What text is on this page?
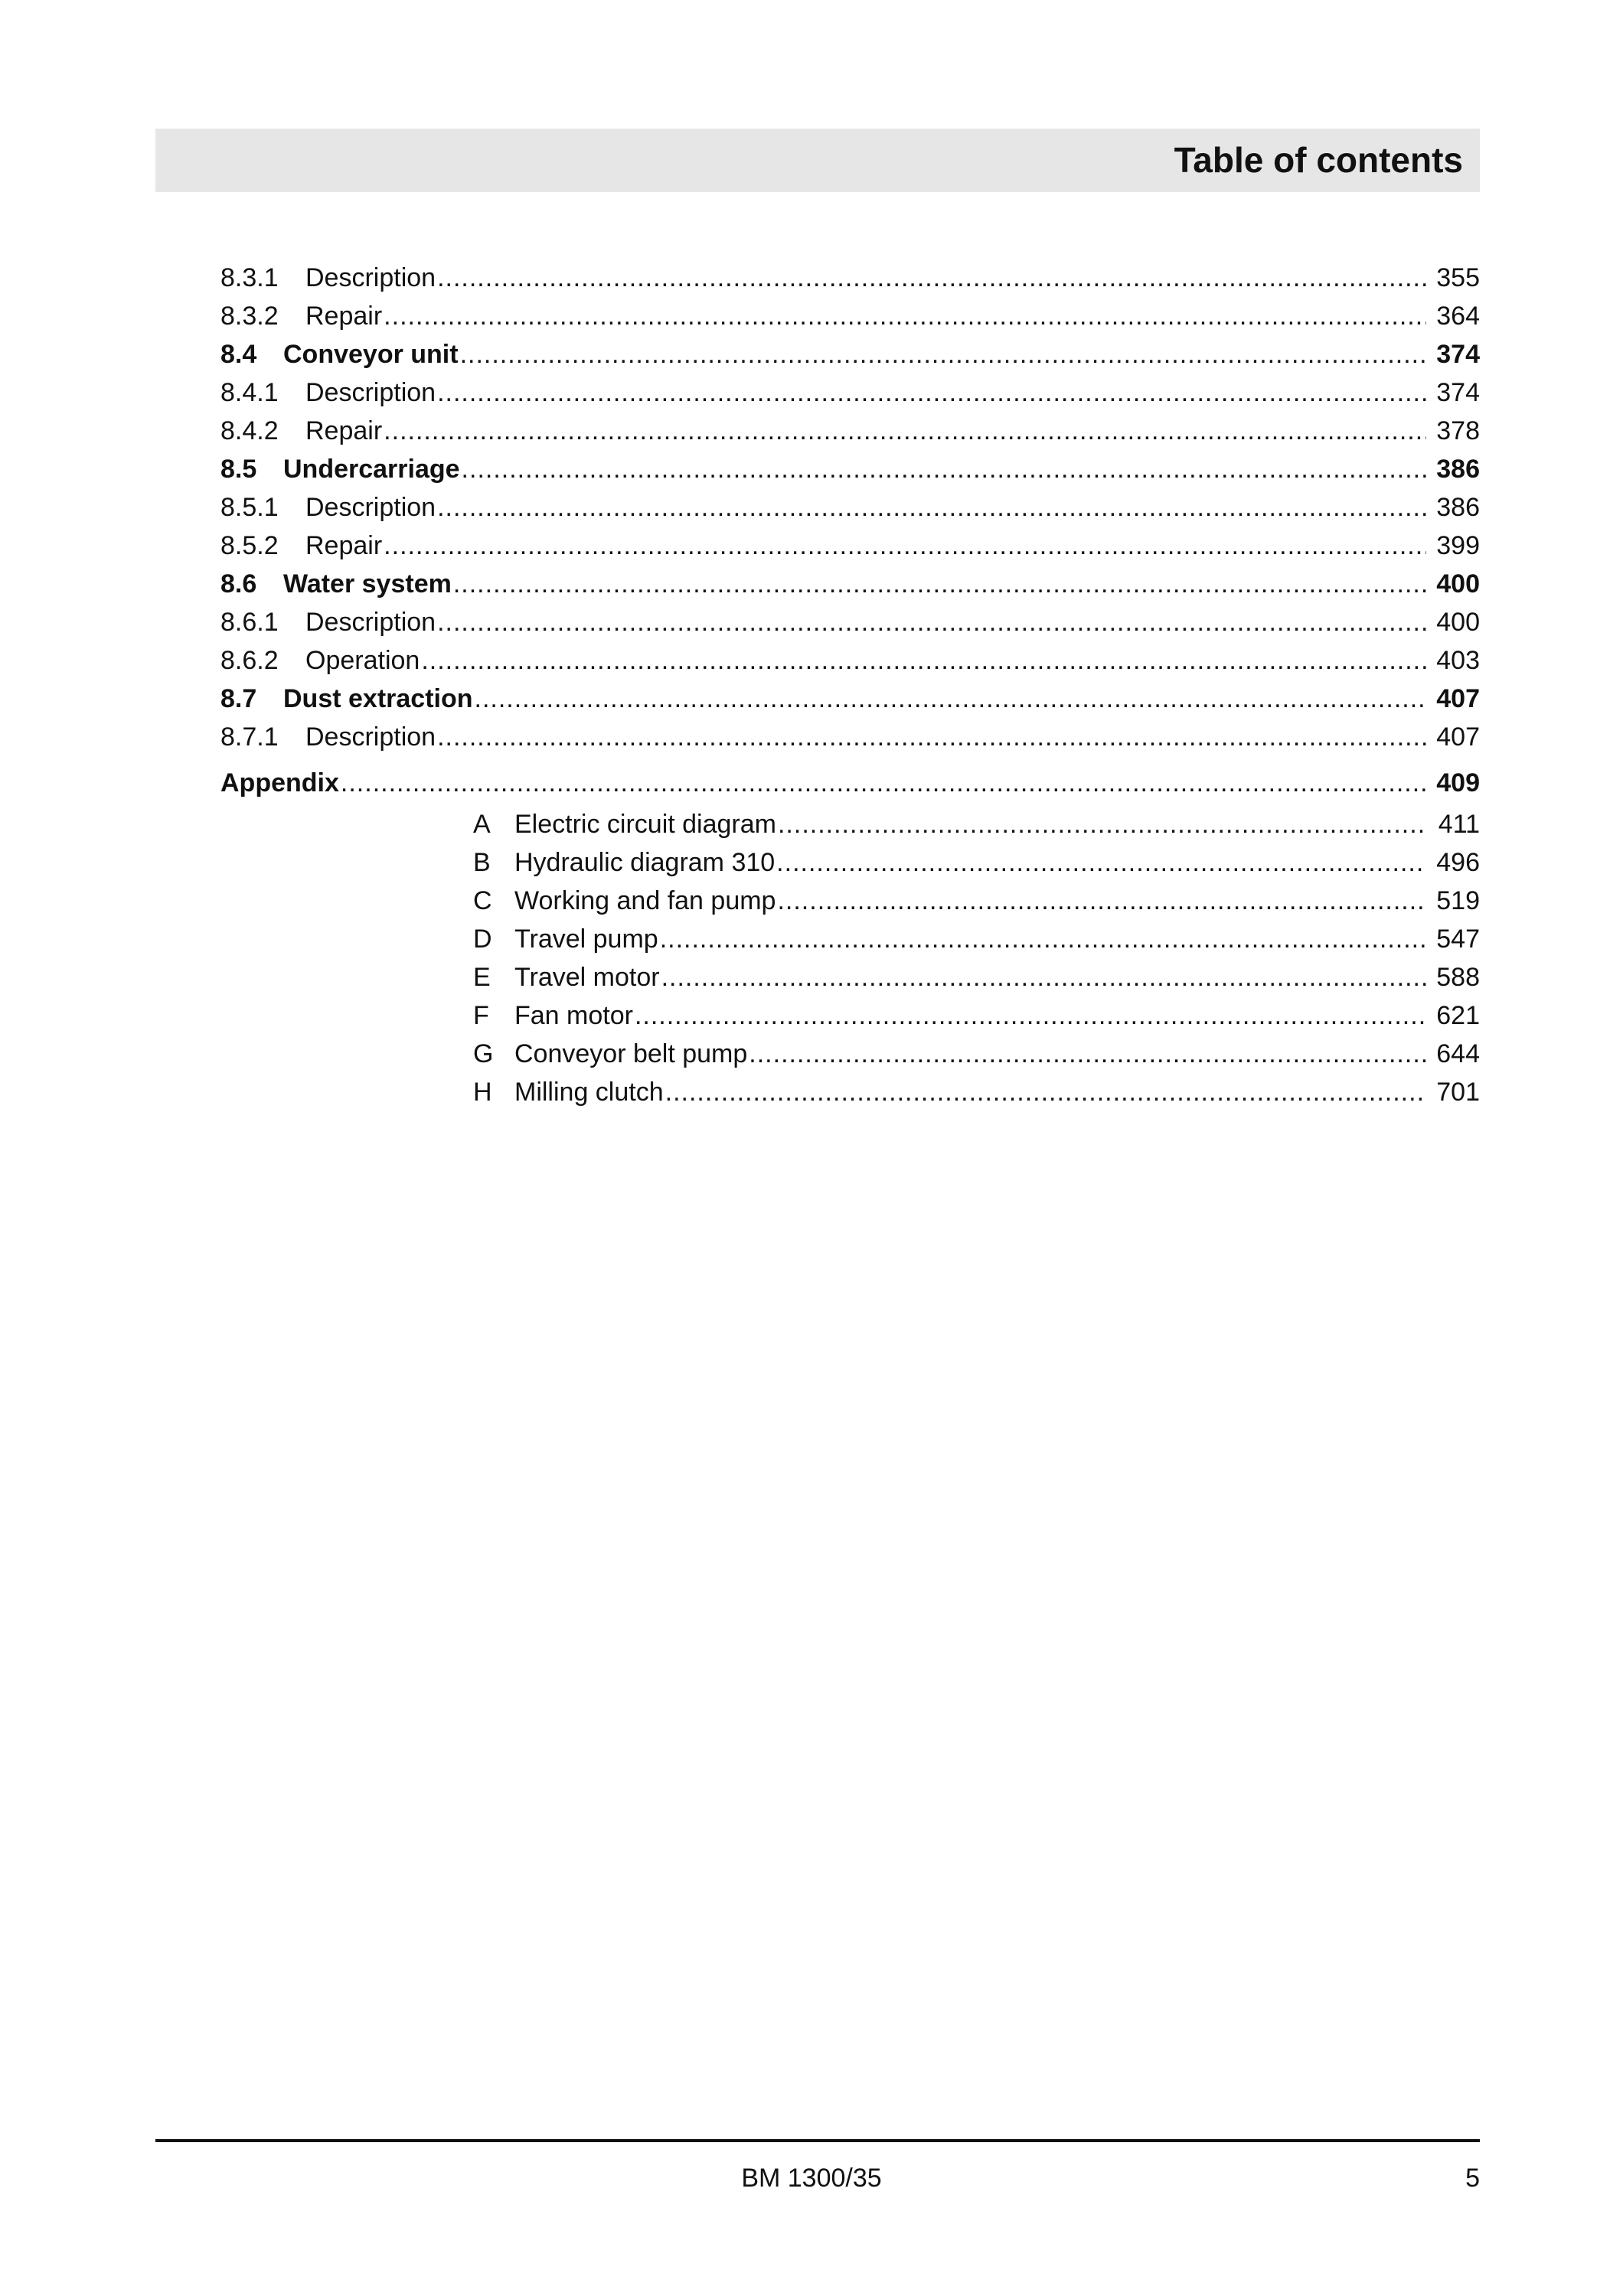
Table of contents
8.3.1	Description .....	355
8.3.2	Repair .....	364
8.4	Conveyor unit .....	374
8.4.1	Description .....	374
8.4.2	Repair .....	378
8.5	Undercarriage .....	386
8.5.1	Description .....	386
8.5.2	Repair .....	399
8.6	Water system .....	400
8.6.1	Description .....	400
8.6.2	Operation .....	403
8.7	Dust extraction .....	407
8.7.1	Description .....	407
Appendix .....	409
A Electric circuit diagram .....	411
B Hydraulic diagram 310 .....	496
C Working and fan pump .....	519
D Travel pump .....	547
E Travel motor .....	588
F Fan motor .....	621
G Conveyor belt pump .....	644
H Milling clutch .....	701
BM 1300/35	5
